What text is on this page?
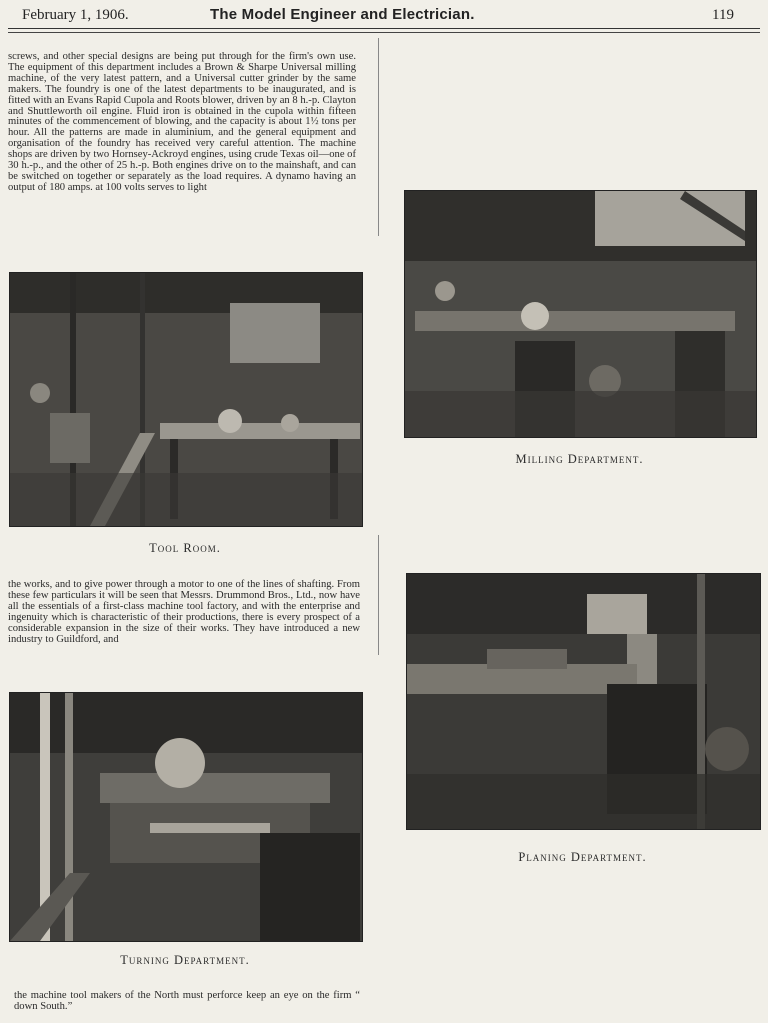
February 1, 1906.	The Model Engineer and Electrician.	119

screws, and other special designs are being put through for the firm's own use. The equipment of this department includes a Brown & Sharpe Universal milling machine, of the very latest pattern, and a Universal cutter grinder by the same makers. The foundry is one of the latest departments to be inaugurated, and is fitted with an Evans Rapid Cupola and Roots blower, driven by an 8 h.-p. Clayton and Shuttleworth oil engine. Fluid iron is obtained in the cupola within fifteen minutes of the commencement of blowing, and the capacity is about 1½ tons per hour. All the patterns are made in aluminium, and the general equipment and organisation of the foundry has received very careful attention. The machine shops are driven by two Hornsey-Ackroyd engines, using crude Texas oil—one of 30 h.-p., and the other of 25 h.-p. Both engines drive on to the mainshaft, and can be switched on together or separately as the load requires. A dynamo having an output of 180 amps. at 100 volts serves to light

Tool Room.

the works, and to give power through a motor to one of the lines of shafting. From these few particulars it will be seen that Messrs. Drummond Bros., Ltd., now have all the essentials of a first-class machine tool factory, and with the enterprise and ingenuity which is characteristic of their productions, there is every prospect of a considerable expansion in the size of their works. They have introduced a new industry to Guildford, and

Turning Department.

the machine tool makers of the North must perforce keep an eye on the firm “ down South.”

Milling Department.
Planing Department.
